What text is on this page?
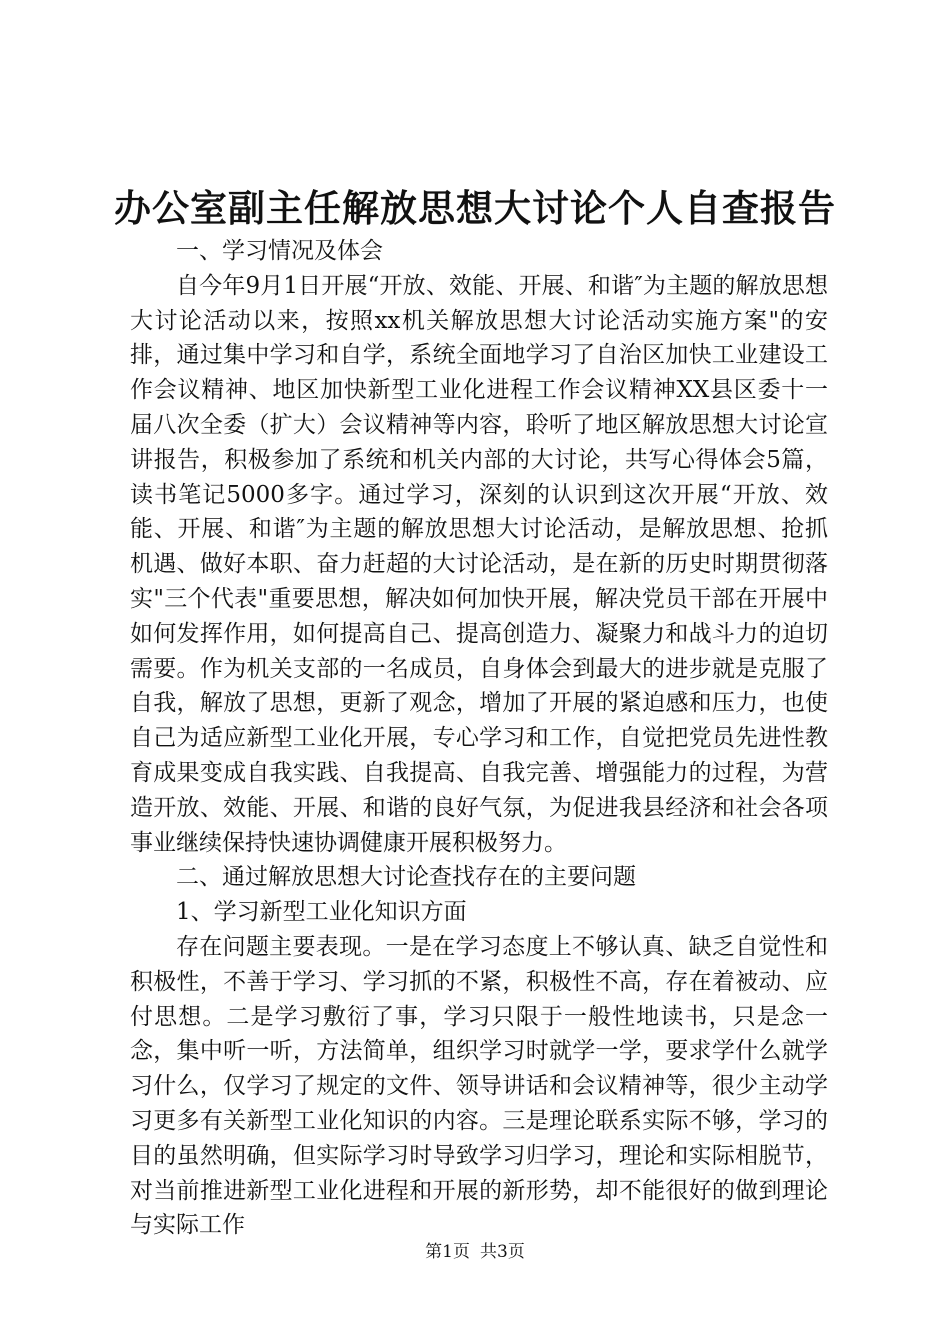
办公室副主任解放思想大讨论个人自查报告

一、学习情况及体会

自今年9月1日开展“开放、效能、开展、和谐″为主题的解放思想大讨论活动以来，按照xx机关解放思想大讨论活动实施方案"的安排，通过集中学习和自学，系统全面地学习了自治区加快工业建设工作会议精神、地区加快新型工业化进程工作会议精神XX县区委十一届八次全委（扩大）会议精神等内容，聆听了地区解放思想大讨论宣讲报告，积极参加了系统和机关内部的大讨论，共写心得体会5篇，读书笔记5000多字。通过学习，深刻的认识到这次开展“开放、效能、开展、和谐″为主题的解放思想大讨论活动，是解放思想、抢抓机遇、做好本职、奋力赶超的大讨论活动，是在新的历史时期贯彻落实"三个代表"重要思想，解决如何加快开展，解决党员干部在开展中如何发挥作用，如何提高自己、提高创造力、凝聚力和战斗力的迫切需要。作为机关支部的一名成员，自身体会到最大的进步就是克服了自我，解放了思想，更新了观念，增加了开展的紧迫感和压力，也使自己为适应新型工业化开展，专心学习和工作，自觉把党员先进性教育成果变成自我实践、自我提高、自我完善、增强能力的过程，为营造开放、效能、开展、和谐的良好气氛，为促进我县经济和社会各项事业继续保持快速协调健康开展积极努力。

二、通过解放思想大讨论查找存在的主要问题

1、学习新型工业化知识方面

存在问题主要表现。一是在学习态度上不够认真、缺乏自觉性和积极性，不善于学习、学习抓的不紧，积极性不高，存在着被动、应付思想。二是学习敷衍了事，学习只限于一般性地读书，只是念一念，集中听一听，方法简单，组织学习时就学一学，要求学什么就学习什么，仅学习了规定的文件、领导讲话和会议精神等，很少主动学习更多有关新型工业化知识的内容。三是理论联系实际不够，学习的目的虽然明确，但实际学习时导致学习归学习，理论和实际相脱节，对当前推进新型工业化进程和开展的新形势，却不能很好的做到理论与实际工作

第1页 共3页
